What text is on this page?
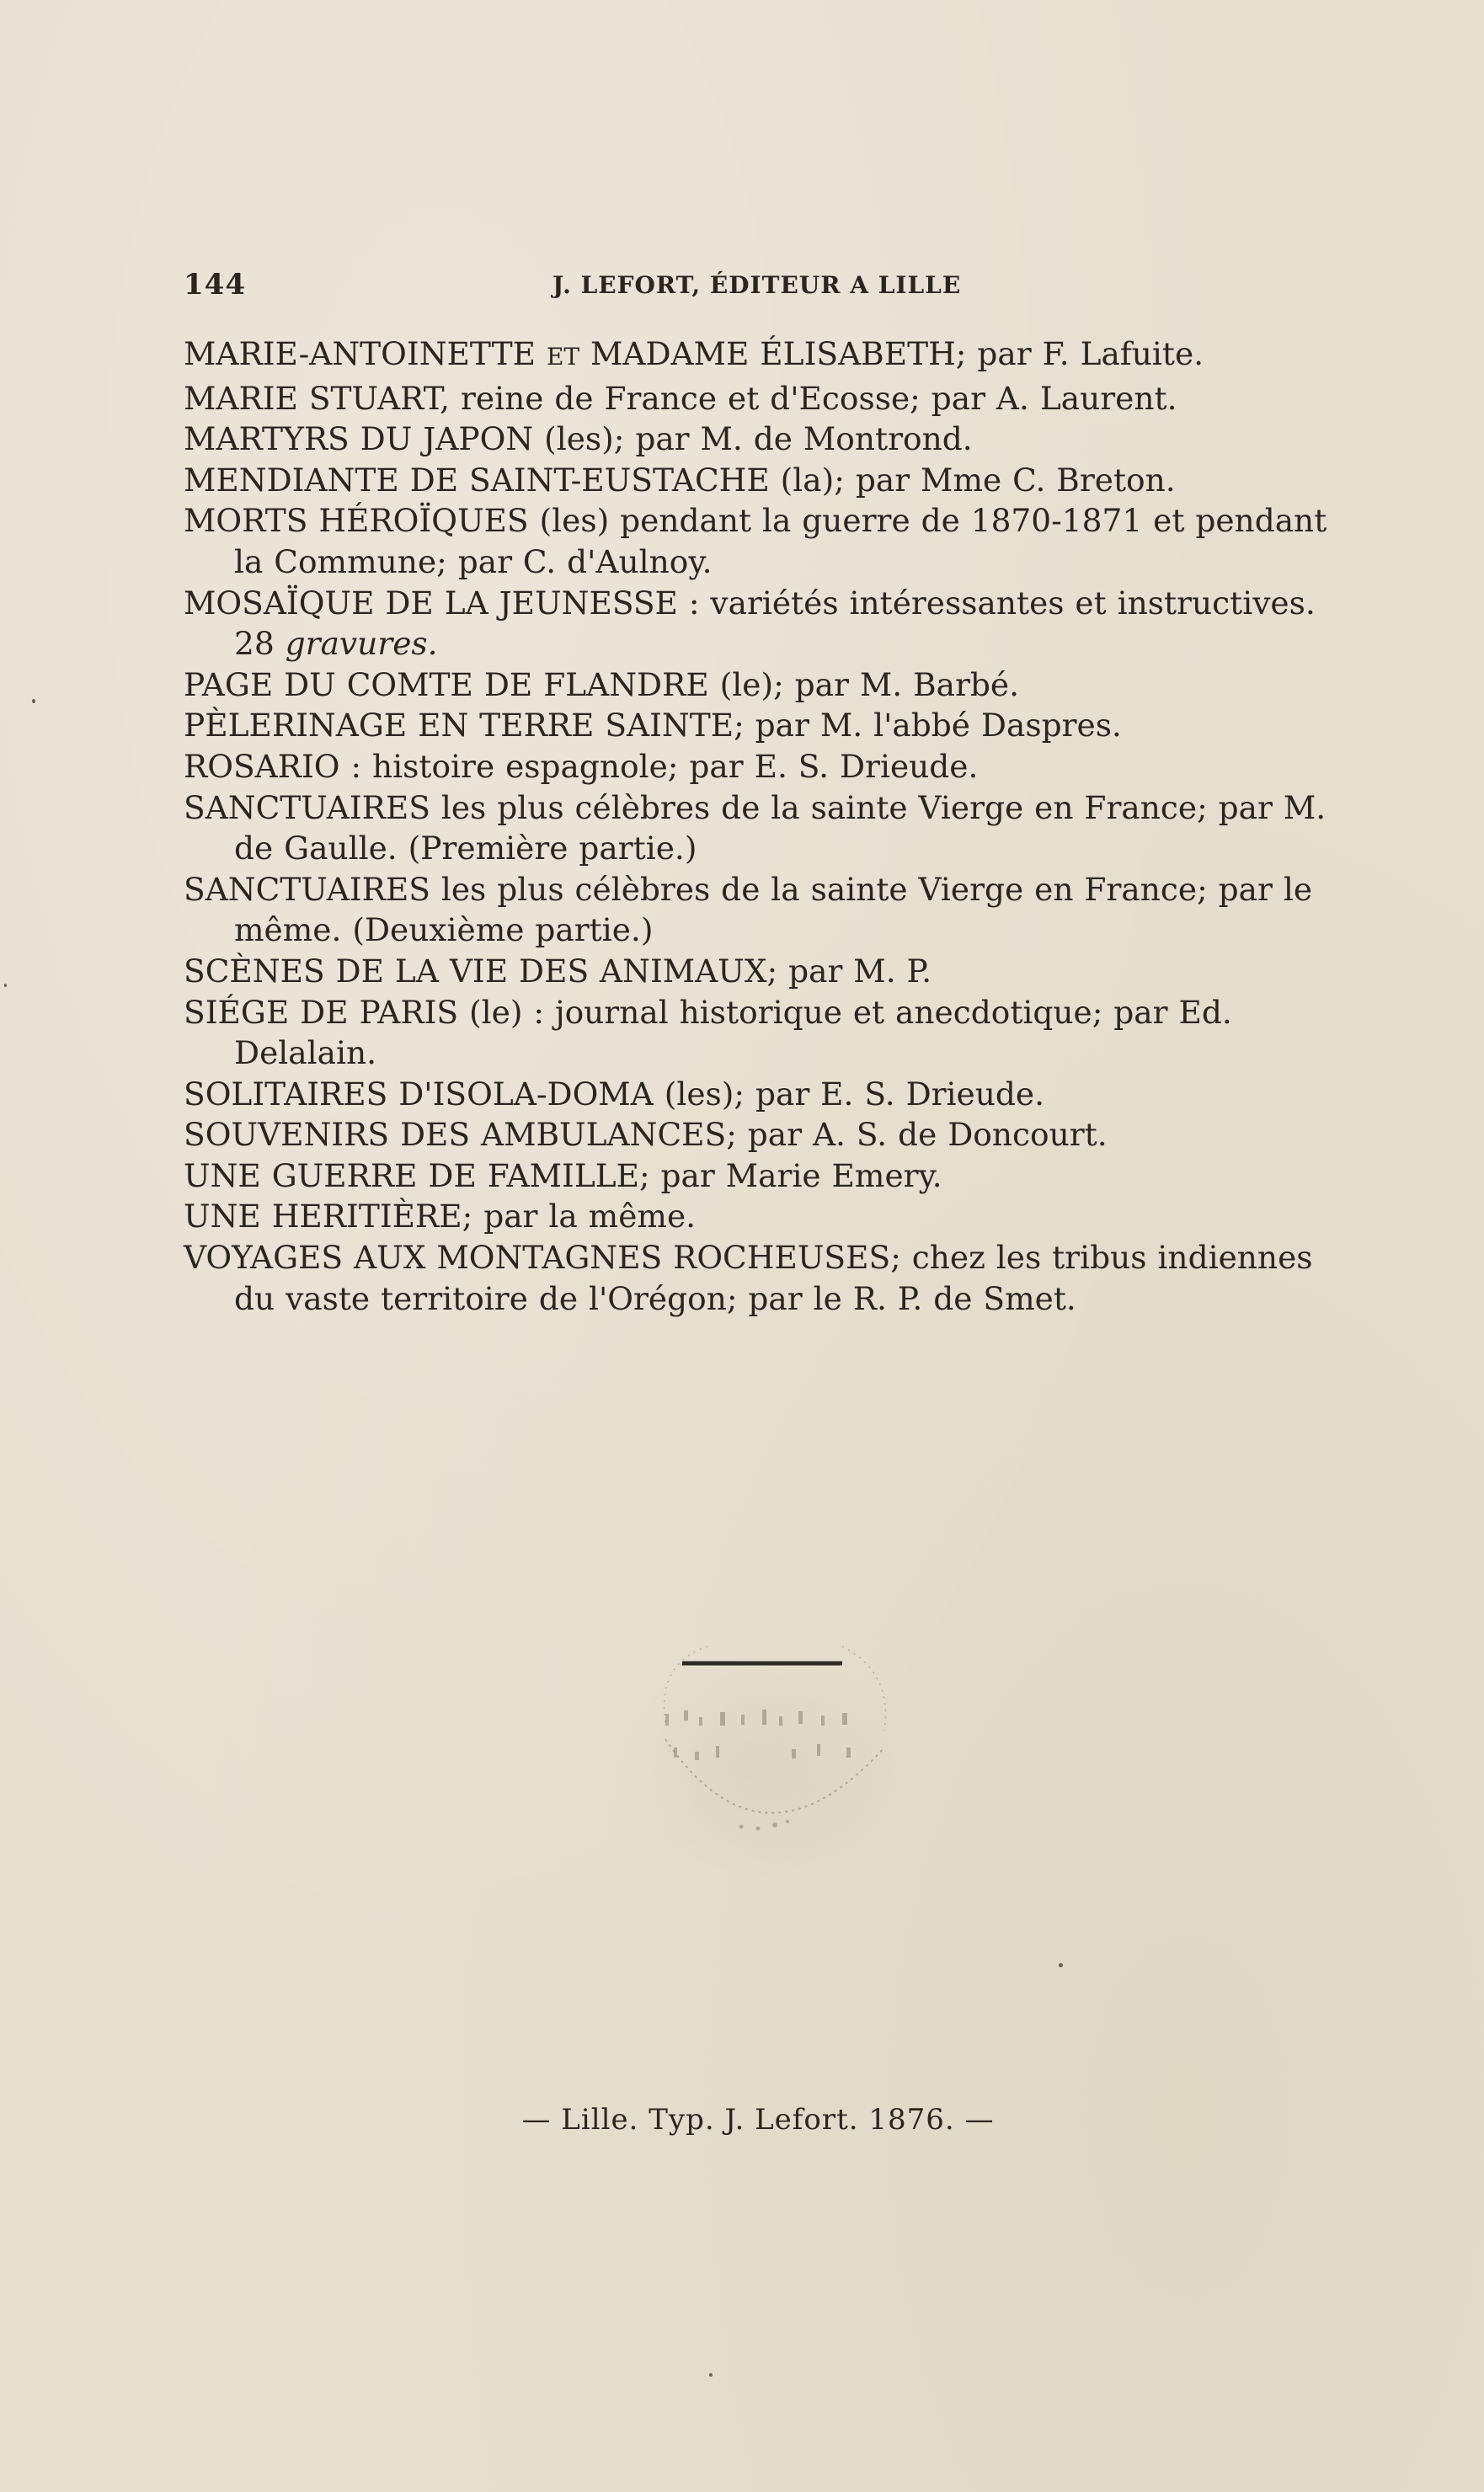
144	J. LEFORT, ÉDITEUR A LILLE
MARIE-ANTOINETTE ET MADAME ÉLISABETH; par F. Lafuite.
MARIE STUART, reine de France et d'Ecosse; par A. Laurent.
MARTYRS DU JAPON (les); par M. de Montrond.
MENDIANTE DE SAINT-EUSTACHE (la); par Mme C. Breton.
MORTS HÉROÏQUES (les) pendant la guerre de 1870-1871 et pendant la Commune; par C. d'Aulnoy.
MOSAÏQUE DE LA JEUNESSE : variétés intéressantes et instructives. 28 gravures.
PAGE DU COMTE DE FLANDRE (le); par M. Barbé.
PÈLERINAGE EN TERRE SAINTE; par M. l'abbé Daspres.
ROSARIO : histoire espagnole; par E. S. Drieude.
SANCTUAIRES les plus célèbres de la sainte Vierge en France; par M. de Gaulle. (Première partie.)
SANCTUAIRES les plus célèbres de la sainte Vierge en France; par le même. (Deuxième partie.)
SCÈNES DE LA VIE DES ANIMAUX; par M. P.
SIÉGE DE PARIS (le) : journal historique et anecdotique; par Ed. Delalain.
SOLITAIRES D'ISOLA-DOMA (les); par E. S. Drieude.
SOUVENIRS DES AMBULANCES; par A. S. de Doncourt.
UNE GUERRE DE FAMILLE; par Marie Emery.
UNE HERITIÈRE; par la même.
VOYAGES AUX MONTAGNES ROCHEUSES; chez les tribus indiennes du vaste territoire de l'Orégon; par le R. P. de Smet.
— Lille. Typ. J. Lefort. 1876. —
